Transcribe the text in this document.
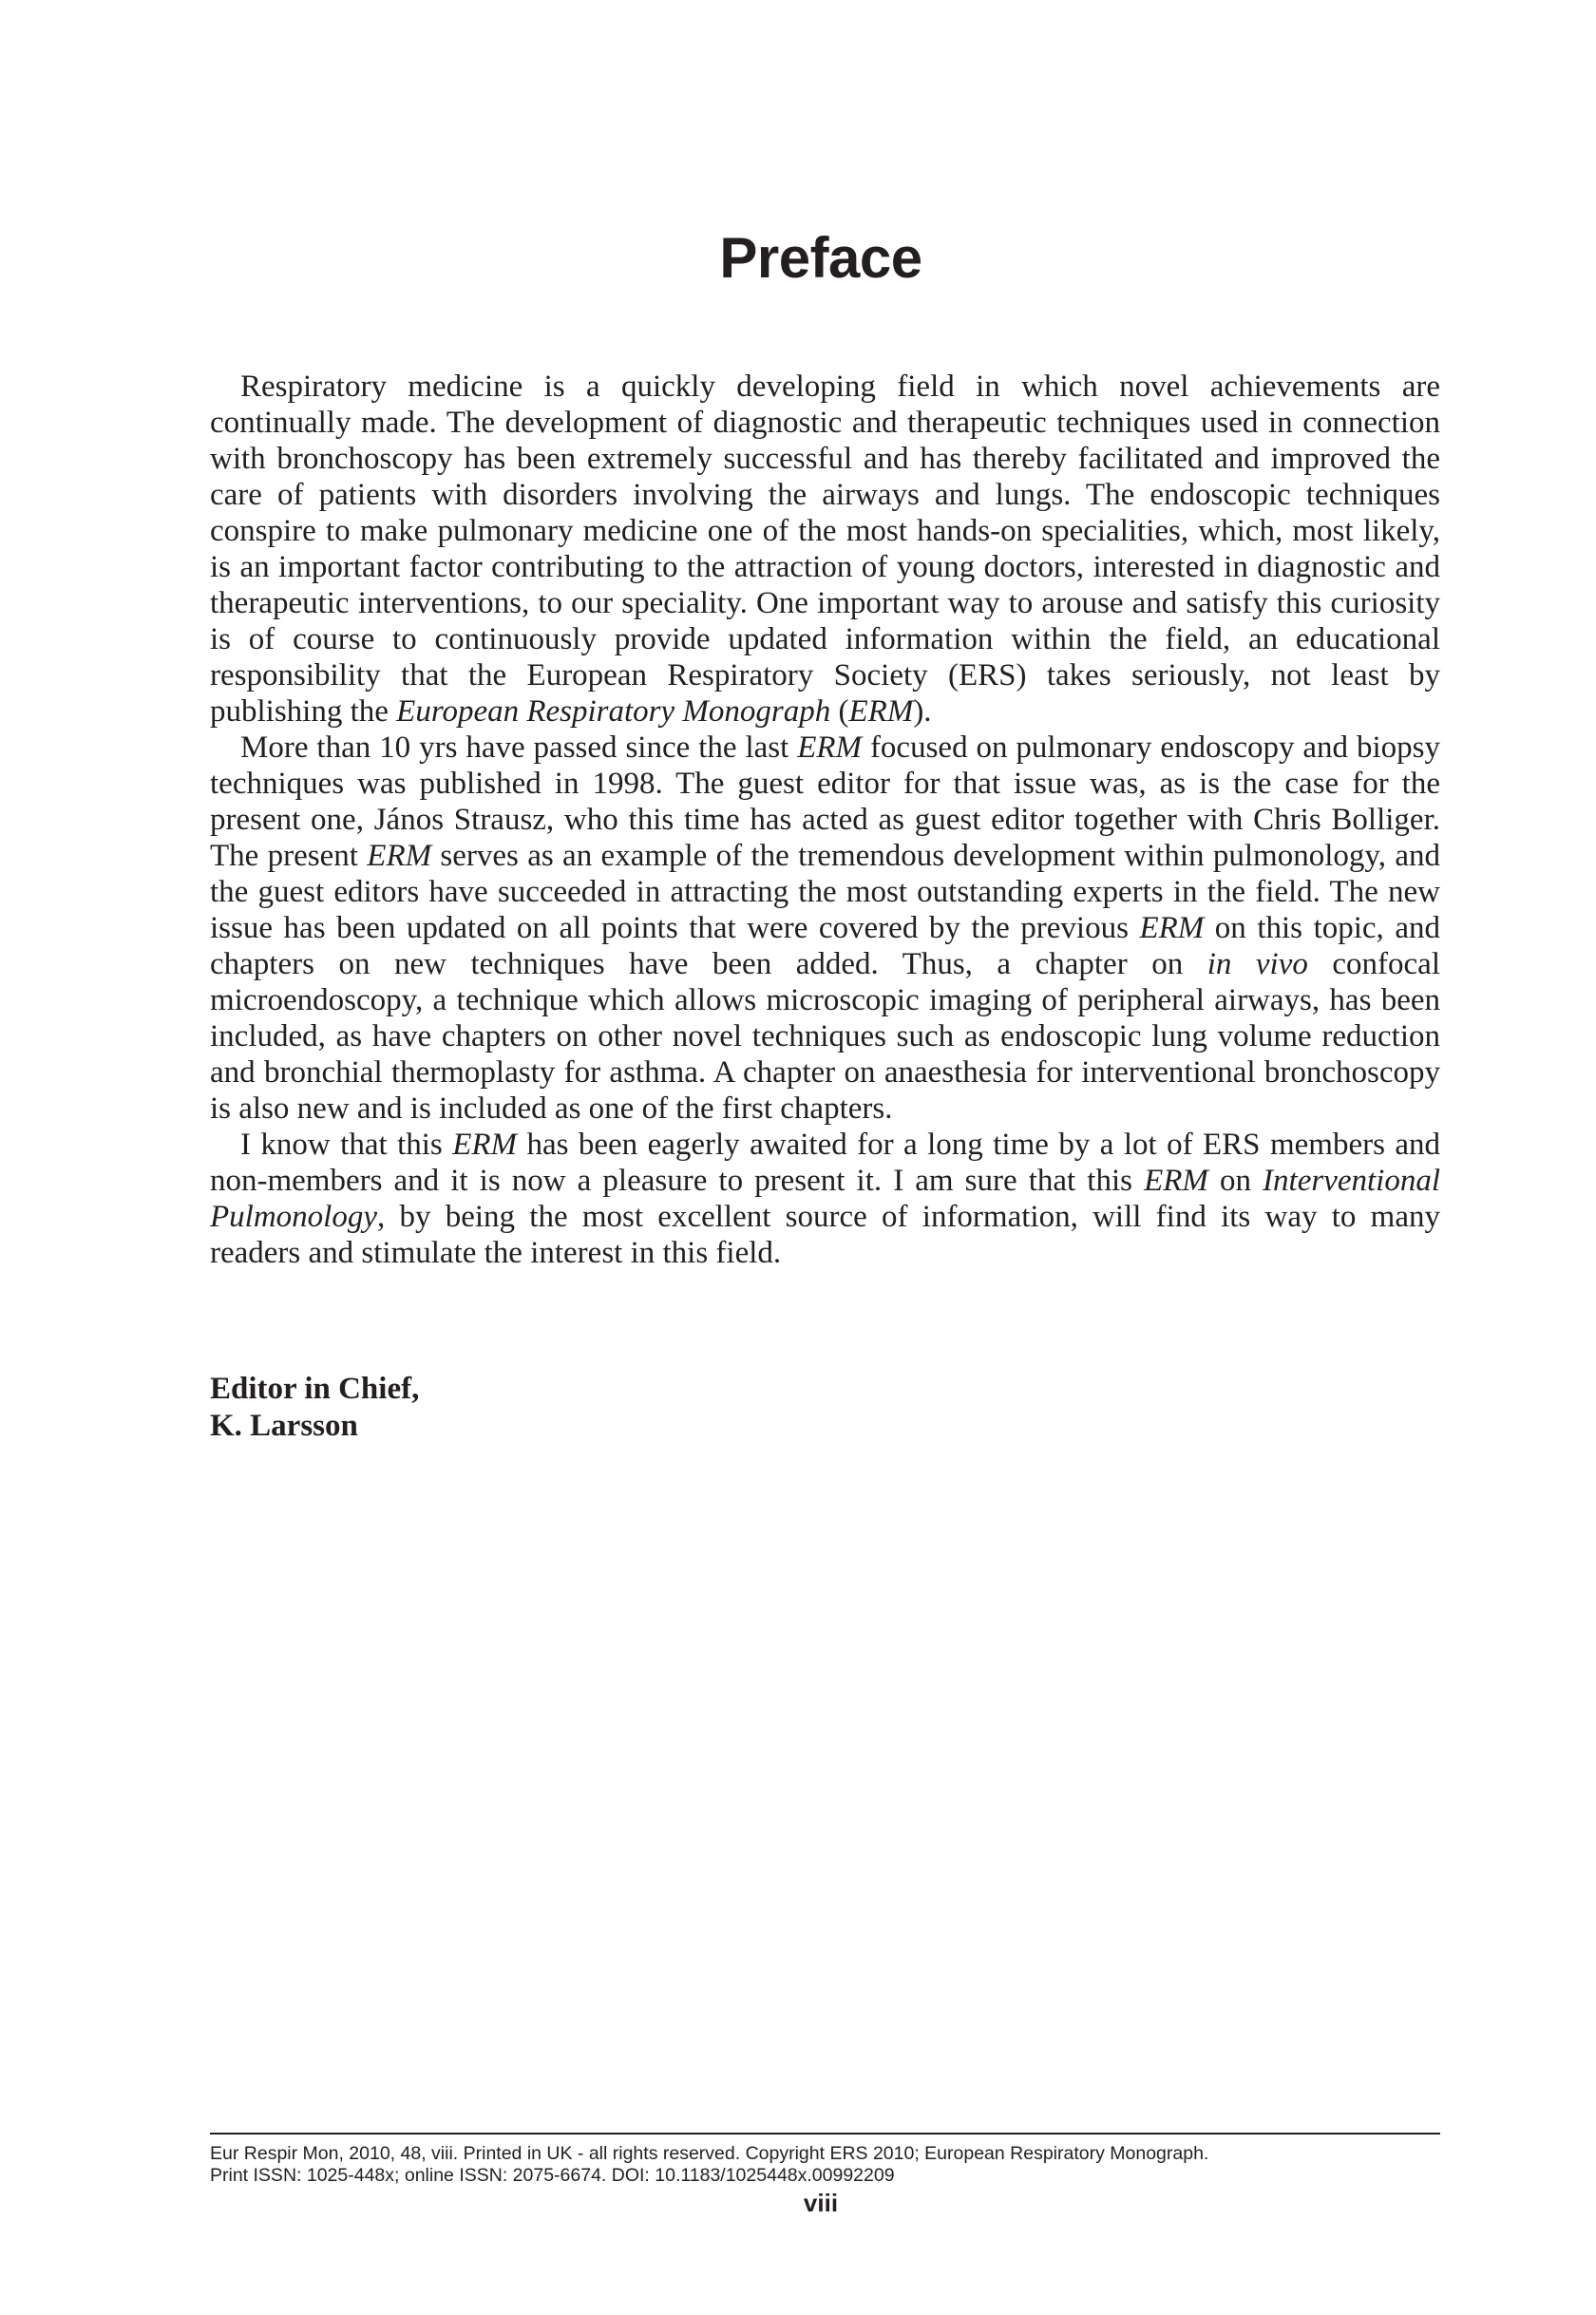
Preface

Respiratory medicine is a quickly developing field in which novel achievements are continually made. The development of diagnostic and therapeutic techniques used in connection with bronchoscopy has been extremely successful and has thereby facilitated and improved the care of patients with disorders involving the airways and lungs. The endoscopic techniques conspire to make pulmonary medicine one of the most hands-on specialities, which, most likely, is an important factor contributing to the attraction of young doctors, interested in diagnostic and therapeutic interventions, to our speciality. One important way to arouse and satisfy this curiosity is of course to continuously provide updated information within the field, an educational responsibility that the European Respiratory Society (ERS) takes seriously, not least by publishing the European Respiratory Monograph (ERM).

More than 10 yrs have passed since the last ERM focused on pulmonary endoscopy and biopsy techniques was published in 1998. The guest editor for that issue was, as is the case for the present one, János Strausz, who this time has acted as guest editor together with Chris Bolliger. The present ERM serves as an example of the tremendous development within pulmonology, and the guest editors have succeeded in attracting the most outstanding experts in the field. The new issue has been updated on all points that were covered by the previous ERM on this topic, and chapters on new techniques have been added. Thus, a chapter on in vivo confocal microendoscopy, a technique which allows microscopic imaging of peripheral airways, has been included, as have chapters on other novel techniques such as endoscopic lung volume reduction and bronchial thermoplasty for asthma. A chapter on anaesthesia for interventional bronchoscopy is also new and is included as one of the first chapters.

I know that this ERM has been eagerly awaited for a long time by a lot of ERS members and non-members and it is now a pleasure to present it. I am sure that this ERM on Interventional Pulmonology, by being the most excellent source of information, will find its way to many readers and stimulate the interest in this field.

Editor in Chief,
K. Larsson
Eur Respir Mon, 2010, 48, viii. Printed in UK - all rights reserved. Copyright ERS 2010; European Respiratory Monograph.
Print ISSN: 1025-448x; online ISSN: 2075-6674. DOI: 10.1183/1025448x.00992209
viii
